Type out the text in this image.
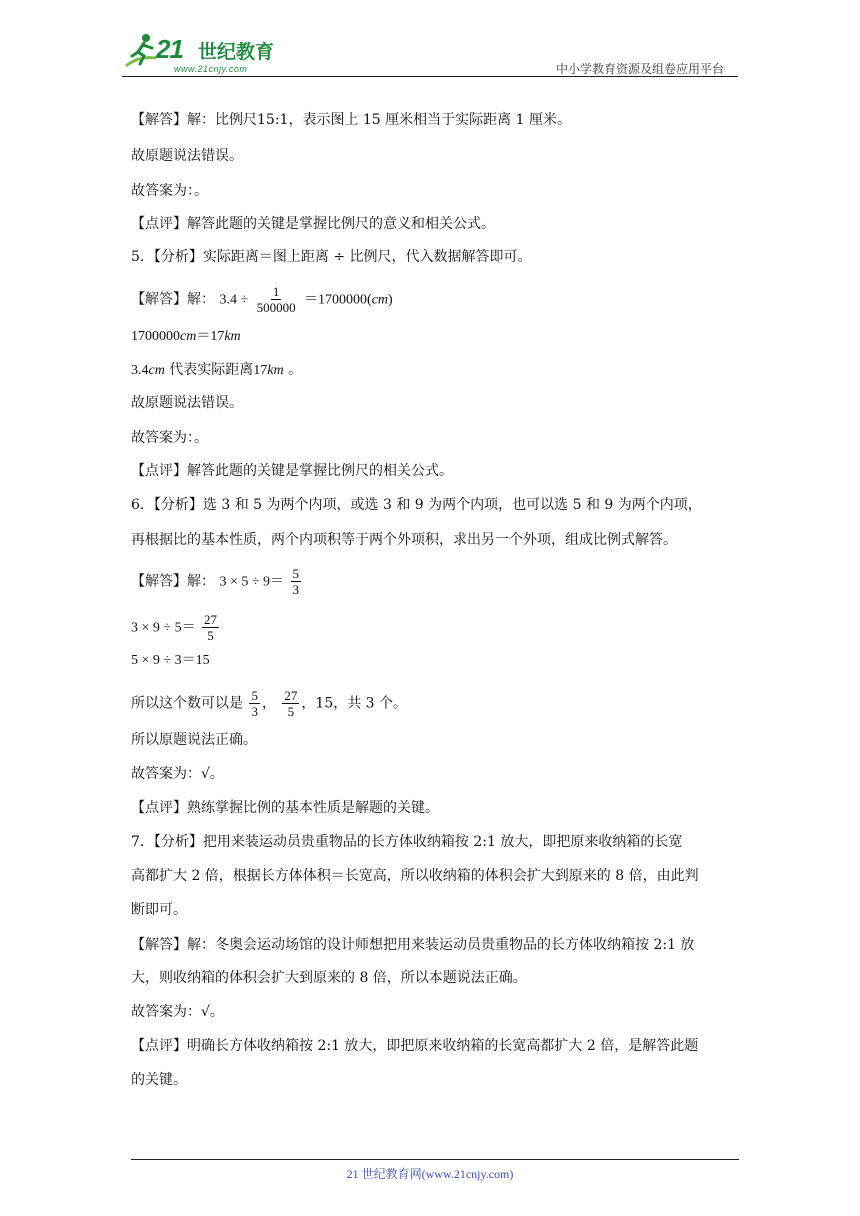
21 世纪教育
www.21cnjy.com	中小学教育资源及组卷应用平台
【解答】解：比例尺15:1，表示图上 15 厘米相当于实际距离 1 厘米。
故原题说法错误。
故答案为：。
【点评】解答此题的关键是掌握比例尺的意义和相关公式。
5．【分析】实际距离＝图上距离 ÷ 比例尺，代入数据解答即可。
【解答】解： $3.4 \div \frac{1}{500000} =1700000(cm)$
1700000cm＝17km
3.4cm 代表实际距离17km 。
故原题说法错误。
故答案为：。
【点评】解答此题的关键是掌握比例尺的相关公式。
6．【分析】选 3 和 5 为两个内项，或选 3 和 9 为两个内项，也可以选 5 和 9 为两个内项，
再根据比的基本性质，两个内项积等于两个外项积，求出另一个外项，组成比例式解答。
【解答】解： $3 \times 5 \div 9= \frac{5}{3}$
$3 \times 9 \div 5= \frac{27}{5}$
5 × 9 ÷ 3＝15
所以这个数可以是 $\frac{5}{3}$ ， $\frac{27}{5}$ ，15，共 3 个。
所以原题说法正确。
故答案为：√。
【点评】熟练掌握比例的基本性质是解题的关键。
7．【分析】把用来装运动员贵重物品的长方体收纳箱按 2:1 放大，即把原来收纳箱的长宽
高都扩大 2 倍，根据长方体体积＝长宽高，所以收纳箱的体积会扩大到原来的 8 倍，由此判
断即可。
【解答】解：冬奥会运动场馆的设计师想把用来装运动员贵重物品的长方体收纳箱按 2:1 放
大，则收纳箱的体积会扩大到原来的 8 倍，所以本题说法正确。
故答案为：√。
【点评】明确长方体收纳箱按 2:1 放大，即把原来收纳箱的长宽高都扩大 2 倍，是解答此题
的关键。
21 世纪教育网(www.21cnjy.com)
